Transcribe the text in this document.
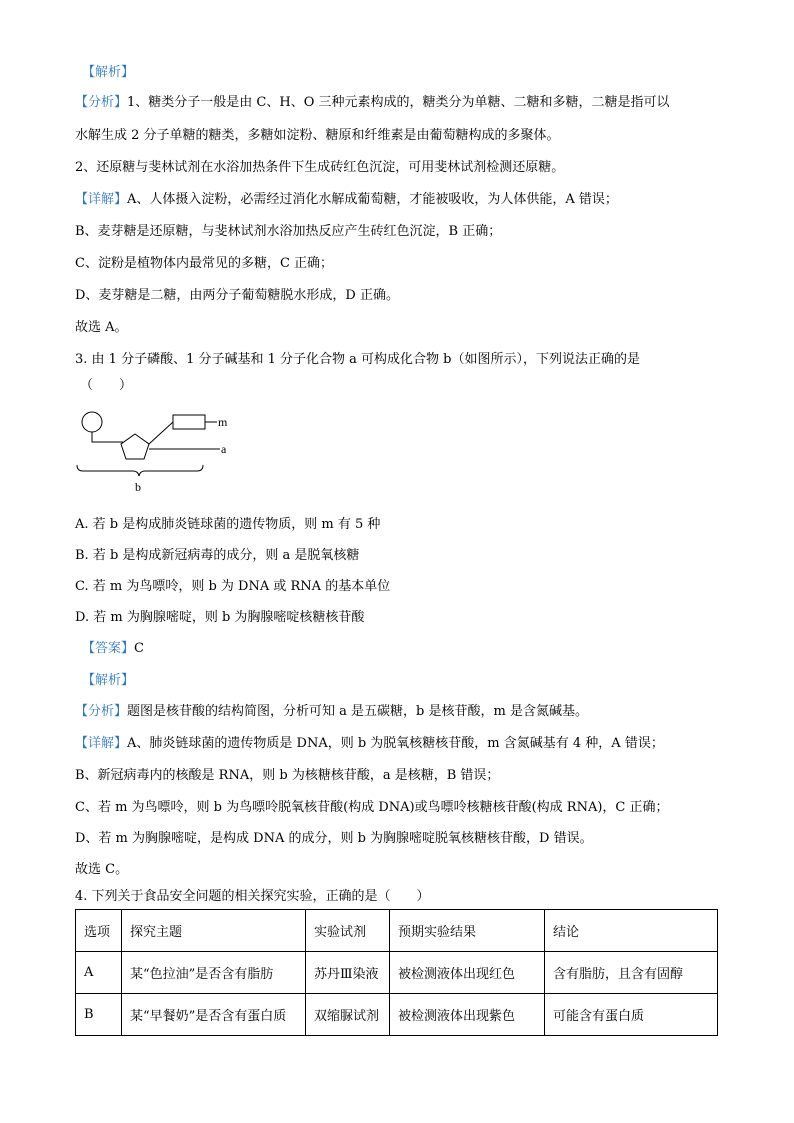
【解析】
【分析】1、糖类分子一般是由 C、H、O 三种元素构成的，糖类分为单糖、二糖和多糖，二糖是指可以
水解生成 2 分子单糖的糖类，多糖如淀粉、糖原和纤维素是由葡萄糖构成的多聚体。
2、还原糖与斐林试剂在水浴加热条件下生成砖红色沉淀，可用斐林试剂检测还原糖。
【详解】A、人体摄入淀粉，必需经过消化水解成葡萄糖，才能被吸收，为人体供能，A 错误；
B、麦芽糖是还原糖，与斐林试剂水浴加热反应产生砖红色沉淀，B 正确；
C、淀粉是植物体内最常见的多糖，C 正确；
D、麦芽糖是二糖，由两分子葡萄糖脱水形成，D 正确。
故选 A。
3. 由 1 分子磷酸、1 分子碱基和 1 分子化合物 a 可构成化合物 b（如图所示），下列说法正确的是
（　　）
A. 若 b 是构成肺炎链球菌的遗传物质，则 m 有 5 种
B. 若 b 是构成新冠病毒的成分，则 a 是脱氧核糖
C. 若 m 为鸟嘌呤，则 b 为 DNA 或 RNA 的基本单位
D. 若 m 为胸腺嘧啶，则 b 为胸腺嘧啶核糖核苷酸
【答案】C
【解析】
【分析】题图是核苷酸的结构简图，分析可知 a 是五碳糖，b 是核苷酸，m 是含氮碱基。
【详解】A、肺炎链球菌的遗传物质是 DNA，则 b 为脱氧核糖核苷酸，m 含氮碱基有 4 种，A 错误；
B、新冠病毒内的核酸是 RNA，则 b 为核糖核苷酸，a 是核糖，B 错误；
C、若 m 为鸟嘌呤，则 b 为鸟嘌呤脱氧核苷酸(构成 DNA)或鸟嘌呤核糖核苷酸(构成 RNA)，C 正确；
D、若 m 为胸腺嘧啶，是构成 DNA 的成分，则 b 为胸腺嘧啶脱氧核糖核苷酸，D 错误。
故选 C。
4. 下列关于食品安全问题的相关探究实验，正确的是（　　）
m
a
b
选项	探究主题	实验试剂	预期实验结果	结论
A	某“色拉油”是否含有脂肪	苏丹Ⅲ染液	被检测液体出现红色	含有脂肪，且含有固醇
B	某“早餐奶”是否含有蛋白质	双缩脲试剂	被检测液体出现紫色	可能含有蛋白质
